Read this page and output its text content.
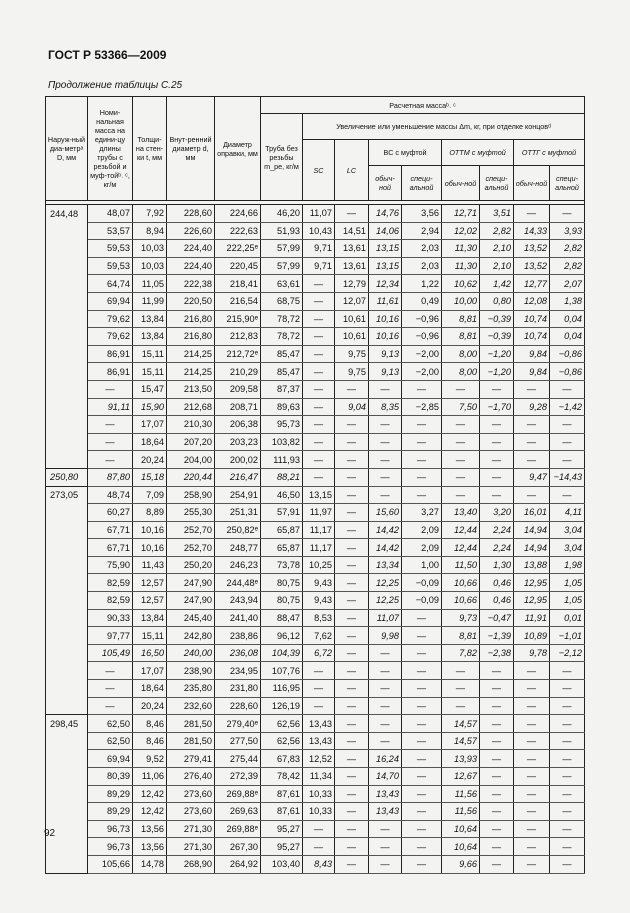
ГОСТ Р 53366—2009
Продолжение таблицы С.25
Наруж-ный диа-метрᵃ D, мм	Номи-нальная масса на едини-цу длины трубы с резьбой и муф-тойᵇ˒ ᶜ, кг/м	Толщи-на стен-ки t, мм	Внут-ренний диаметр d, мм	Диаметр оправки, мм	Расчетная массаᵇ˒ ᶜ								
					Труба без резьбы m_pe, кг/м	Увеличение или уменьшение массы Δm, кг, при отделке концовᵈ							
						SC	LC	BC с муфтой		ОТТМ с муфтой		ОТТГ с муфтой	
								обыч-ной	специ-альной	обыч-ной	специ-альной	обыч-ной	специ-альной

244,48	48,07	7,92	228,60	224,66	46,20	11,07	—	14,76	3,56	12,71	3,51	—	—
	53,57	8,94	226,60	222,63	51,93	10,43	14,51	14,06	2,94	12,02	2,82	14,33	3,93
	59,53	10,03	224,40	222,25ᵉ	57,99	9,71	13,61	13,15	2,03	11,30	2,10	13,52	2,82
	59,53	10,03	224,40	220,45	57,99	9,71	13,61	13,15	2,03	11,30	2,10	13,52	2,82
	64,74	11,05	222,38	218,41	63,61	—	12,79	12,34	1,22	10,62	1,42	12,77	2,07
	69,94	11,99	220,50	216,54	68,75	—	12,07	11,61	0,49	10,00	0,80	12,08	1,38
	79,62	13,84	216,80	215,90ᵉ	78,72	—	10,61	10,16	−0,96	8,81	−0,39	10,74	0,04
	79,62	13,84	216,80	212,83	78,72	—	10,61	10,16	−0,96	8,81	−0,39	10,74	0,04
	86,91	15,11	214,25	212,72ᵉ	85,47	—	9,75	9,13	−2,00	8,00	−1,20	9,84	−0,86
	86,91	15,11	214,25	210,29	85,47	—	9,75	9,13	−2,00	8,00	−1,20	9,84	−0,86
	—	15,47	213,50	209,58	87,37	—	—	—	—	—	—	—	—
	91,11	15,90	212,68	208,71	89,63	—	9,04	8,35	−2,85	7,50	−1,70	9,28	−1,42
	—	17,07	210,30	206,38	95,73	—	—	—	—	—	—	—	—
	—	18,64	207,20	203,23	103,82	—	—	—	—	—	—	—	—
	—	20,24	204,00	200,02	111,93	—	—	—	—	—	—	—	—
250,80	87,80	15,18	220,44	216,47	88,21	—	—	—	—	—	—	9,47	−14,43
273,05	48,74	7,09	258,90	254,91	46,50	13,15	—	—	—	—	—	—	—
	60,27	8,89	255,30	251,31	57,91	11,97	—	15,60	3,27	13,40	3,20	16,01	4,11
	67,71	10,16	252,70	250,82ᵉ	65,87	11,17	—	14,42	2,09	12,44	2,24	14,94	3,04
	67,71	10,16	252,70	248,77	65,87	11,17	—	14,42	2,09	12,44	2,24	14,94	3,04
	75,90	11,43	250,20	246,23	73,78	10,25	—	13,34	1,00	11,50	1,30	13,88	1,98
	82,59	12,57	247,90	244,48ᵉ	80,75	9,43	—	12,25	−0,09	10,66	0,46	12,95	1,05
	82,59	12,57	247,90	243,94	80,75	9,43	—	12,25	−0,09	10,66	0,46	12,95	1,05
	90,33	13,84	245,40	241,40	88,47	8,53	—	11,07	—	9,73	−0,47	11,91	0,01
	97,77	15,11	242,80	238,86	96,12	7,62	—	9,98	—	8,81	−1,39	10,89	−1,01
	105,49	16,50	240,00	236,08	104,39	6,72	—	—	—	7,82	−2,38	9,78	−2,12
	—	17,07	238,90	234,95	107,76	—	—	—	—	—	—	—	—
	—	18,64	235,80	231,80	116,95	—	—	—	—	—	—	—	—
	—	20,24	232,60	228,60	126,19	—	—	—	—	—	—	—	—
298,45	62,50	8,46	281,50	279,40ᵉ	62,56	13,43	—	—	—	14,57	—	—	—
	62,50	8,46	281,50	277,50	62,56	13,43	—	—	—	14,57	—	—	—
	69,94	9,52	279,41	275,44	67,83	12,52	—	16,24	—	13,93	—	—	—
	80,39	11,06	276,40	272,39	78,42	11,34	—	14,70	—	12,67	—	—	—
	89,29	12,42	273,60	269,88ᵉ	87,61	10,33	—	13,43	—	11,56	—	—	—
	89,29	12,42	273,60	269,63	87,61	10,33	—	13,43	—	11,56	—	—	—
	96,73	13,56	271,30	269,88ᵉ	95,27	—	—	—	—	10,64	—	—	—
	96,73	13,56	271,30	267,30	95,27	—	—	—	—	10,64	—	—	—
	105,66	14,78	268,90	264,92	103,40	8,43	—	—	—	9,66	—	—	—
92
